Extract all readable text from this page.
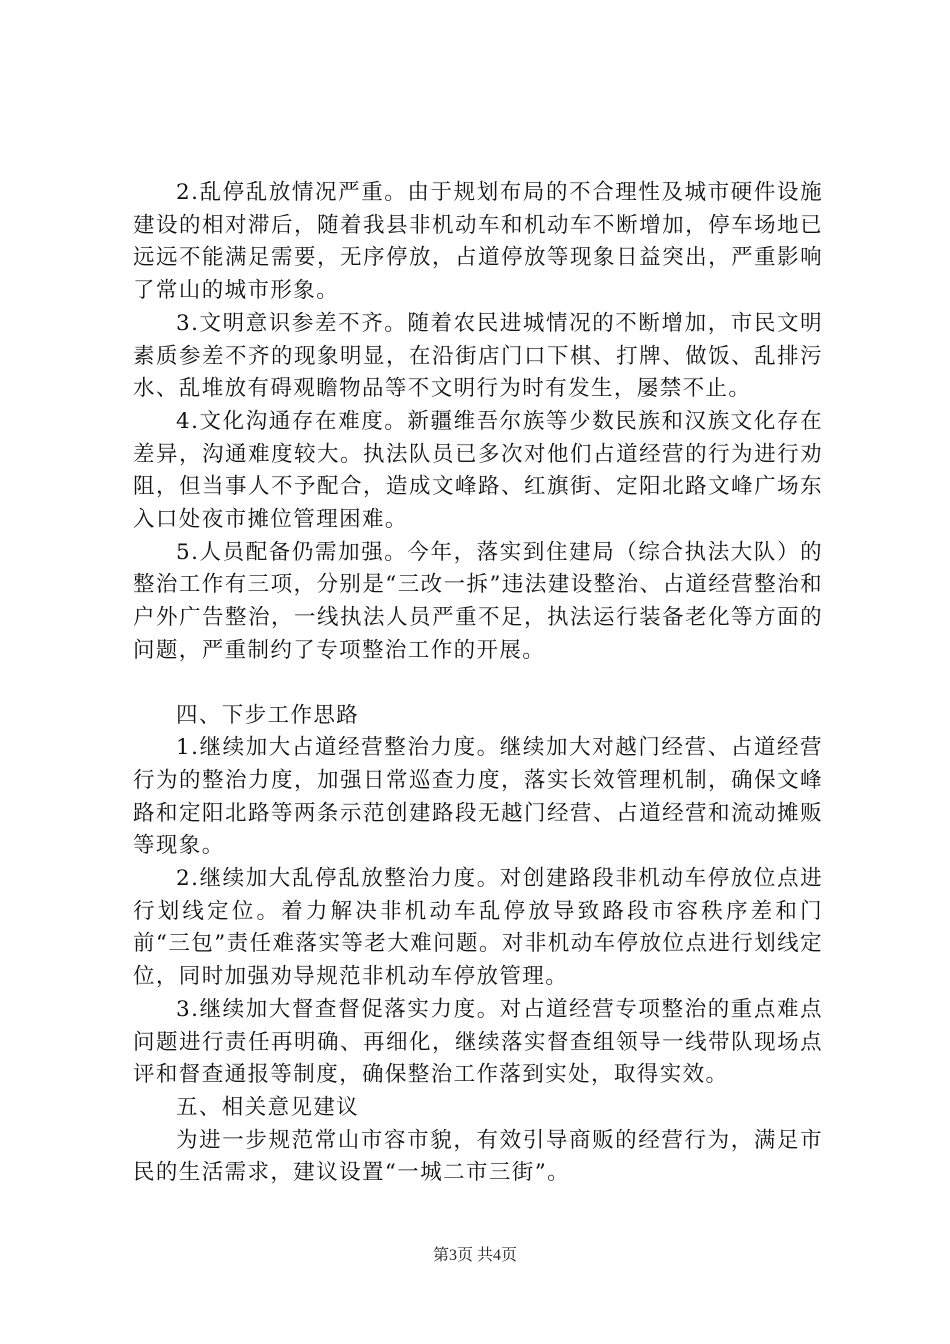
2.乱停乱放情况严重。由于规划布局的不合理性及城市硬件设施建设的相对滞后，随着我县非机动车和机动车不断增加，停车场地已远远不能满足需要，无序停放，占道停放等现象日益突出，严重影响了常山的城市形象。

3.文明意识参差不齐。随着农民进城情况的不断增加，市民文明素质参差不齐的现象明显，在沿街店门口下棋、打牌、做饭、乱排污水、乱堆放有碍观瞻物品等不文明行为时有发生，屡禁不止。

4.文化沟通存在难度。新疆维吾尔族等少数民族和汉族文化存在差异，沟通难度较大。执法队员已多次对他们占道经营的行为进行劝阻，但当事人不予配合，造成文峰路、红旗街、定阳北路文峰广场东入口处夜市摊位管理困难。

5.人员配备仍需加强。今年，落实到住建局（综合执法大队）的整治工作有三项，分别是“三改一拆”违法建设整治、占道经营整治和户外广告整治，一线执法人员严重不足，执法运行装备老化等方面的问题，严重制约了专项整治工作的开展。

四、下步工作思路

1.继续加大占道经营整治力度。继续加大对越门经营、占道经营行为的整治力度，加强日常巡查力度，落实长效管理机制，确保文峰路和定阳北路等两条示范创建路段无越门经营、占道经营和流动摊贩等现象。

2.继续加大乱停乱放整治力度。对创建路段非机动车停放位点进行划线定位。着力解决非机动车乱停放导致路段市容秩序差和门前“三包”责任难落实等老大难问题。对非机动车停放位点进行划线定位，同时加强劝导规范非机动车停放管理。

3.继续加大督查督促落实力度。对占道经营专项整治的重点难点问题进行责任再明确、再细化，继续落实督查组领导一线带队现场点评和督查通报等制度，确保整治工作落到实处，取得实效。

五、相关意见建议

为进一步规范常山市容市貌，有效引导商贩的经营行为，满足市民的生活需求，建议设置“一城二市三街”。

第3页 共4页
